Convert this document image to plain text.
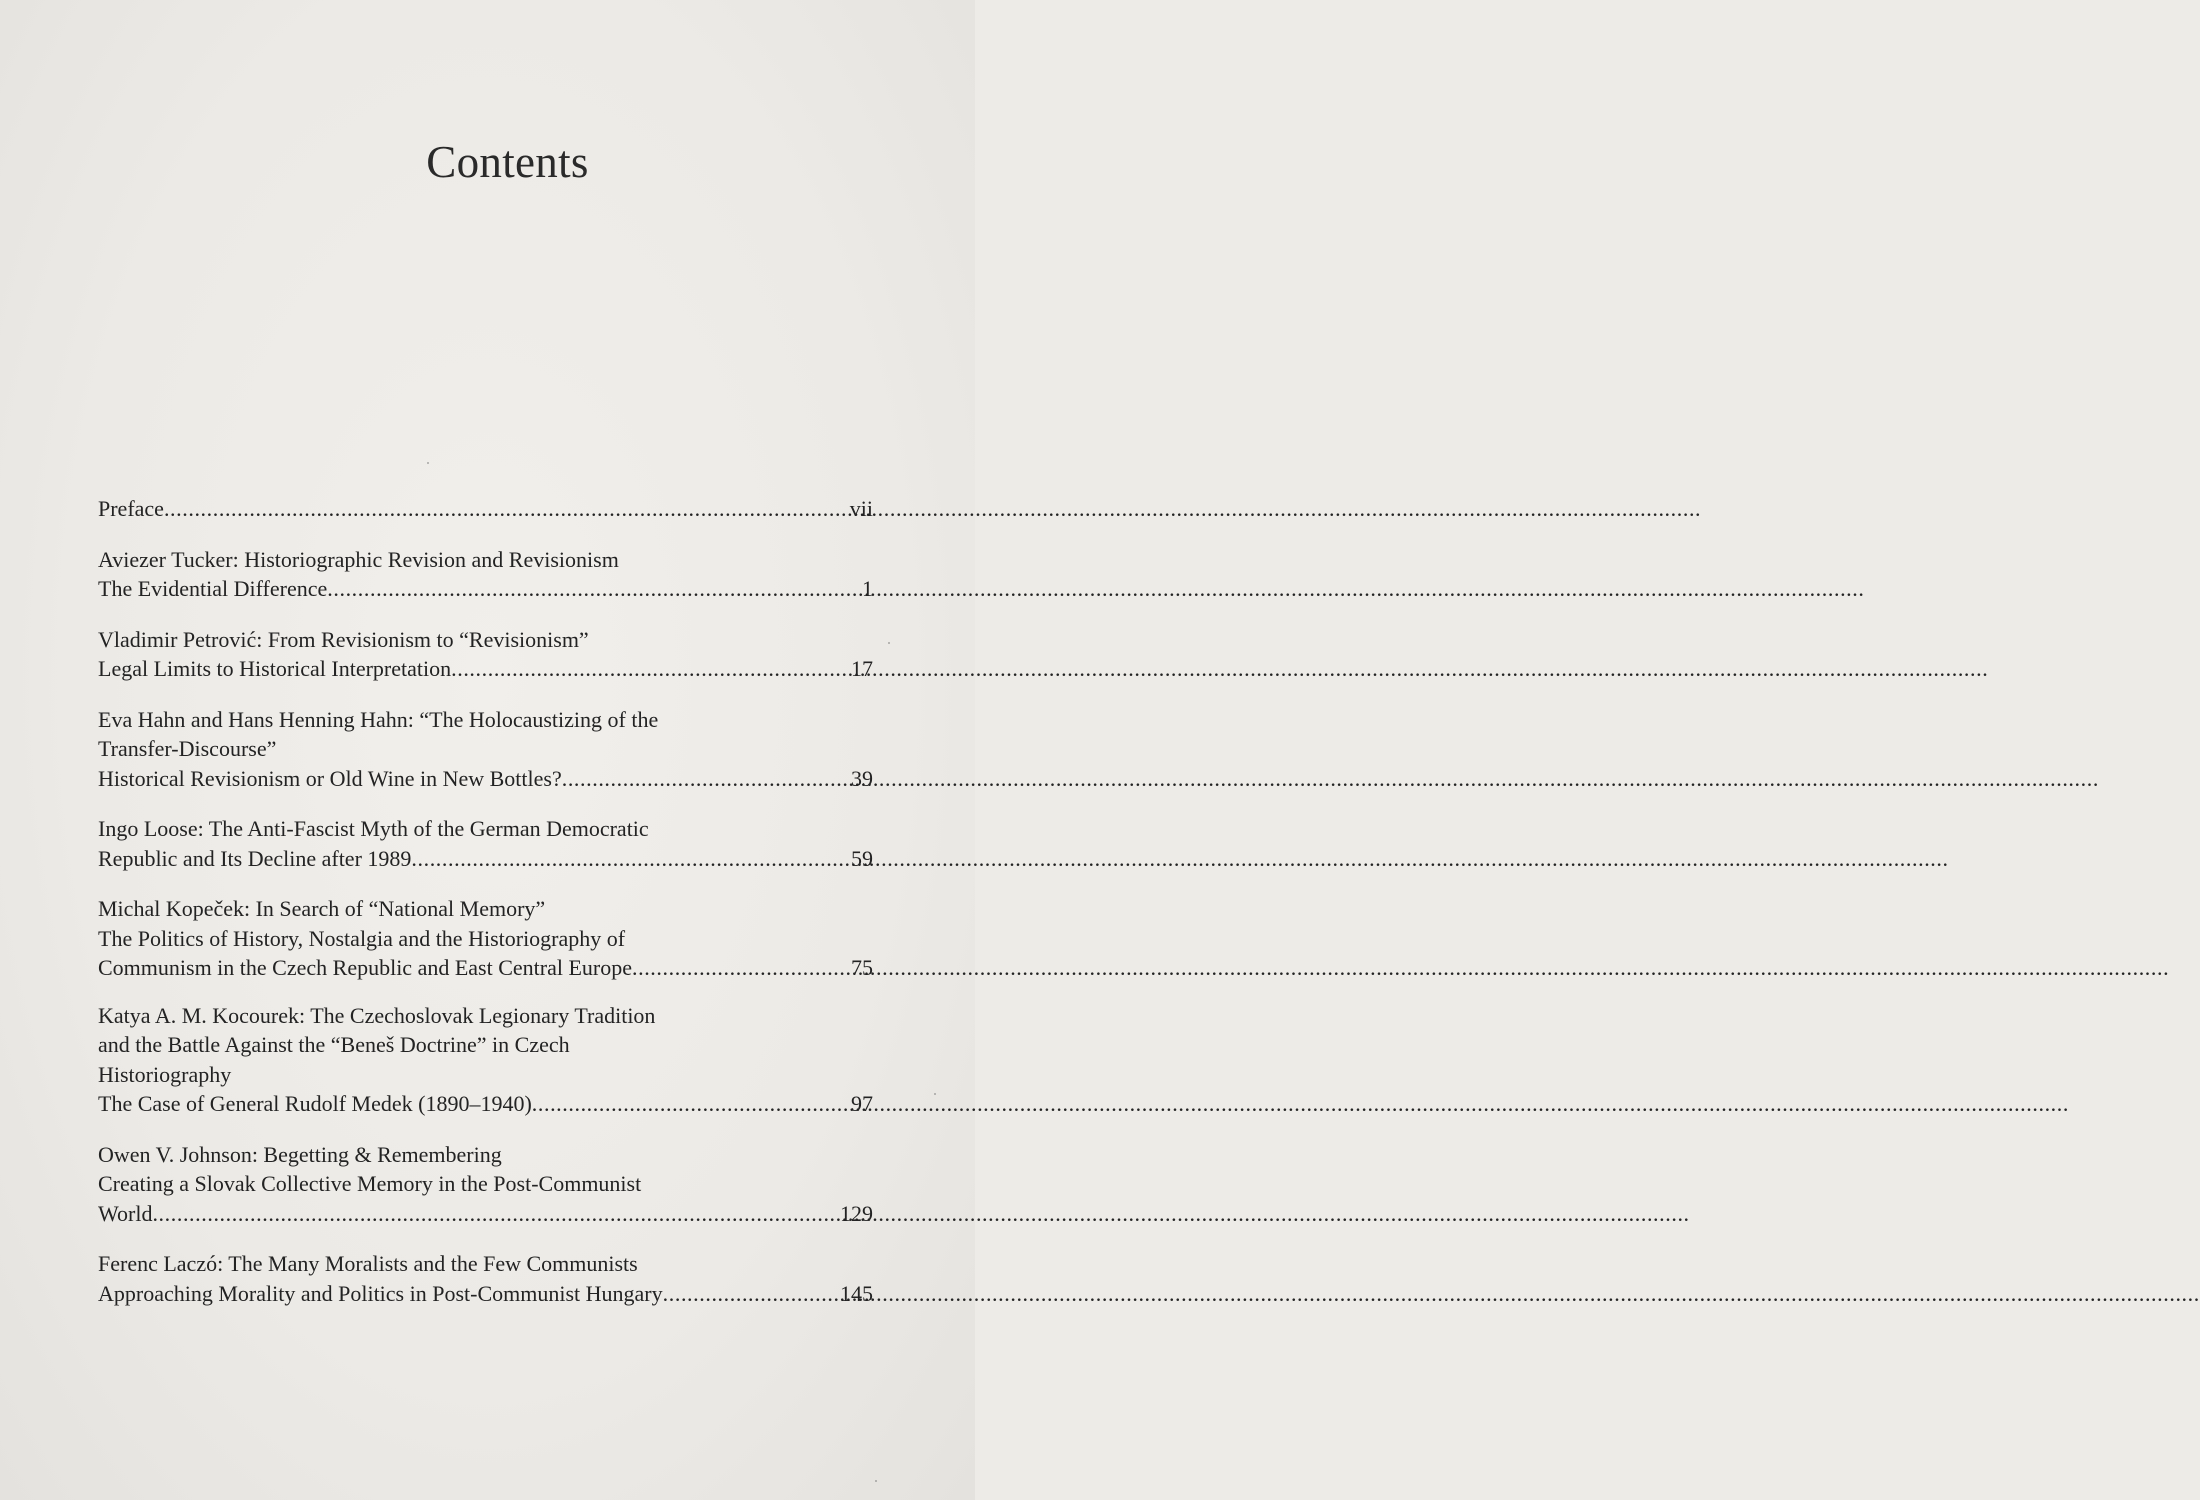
Contents
Preface .....	vii
Aviezer Tucker: Historiographic Revision and Revisionism
The Evidential Difference .....	1
Vladimir Petrović: From Revisionism to “Revisionism”
Legal Limits to Historical Interpretation .....	17
Eva Hahn and Hans Henning Hahn: “The Holocaustizing of the
Transfer-Discourse”
Historical Revisionism or Old Wine in New Bottles? .....	39
Ingo Loose: The Anti-Fascist Myth of the German Democratic
Republic and Its Decline after 1989 .....	59
Michal Kopeček: In Search of “National Memory”
The Politics of History, Nostalgia and the Historiography of
Communism in the Czech Republic and East Central Europe .....	75
Katya A. M. Kocourek: The Czechoslovak Legionary Tradition
and the Battle Against the “Beneš Doctrine” in Czech
Historiography
The Case of General Rudolf Medek (1890–1940) .....	97
Owen V. Johnson: Begetting & Remembering
Creating a Slovak Collective Memory in the Post-Communist
World .....	129
Ferenc Laczó: The Many Moralists and the Few Communists
Approaching Morality and Politics in Post-Communist Hungary .....	145
